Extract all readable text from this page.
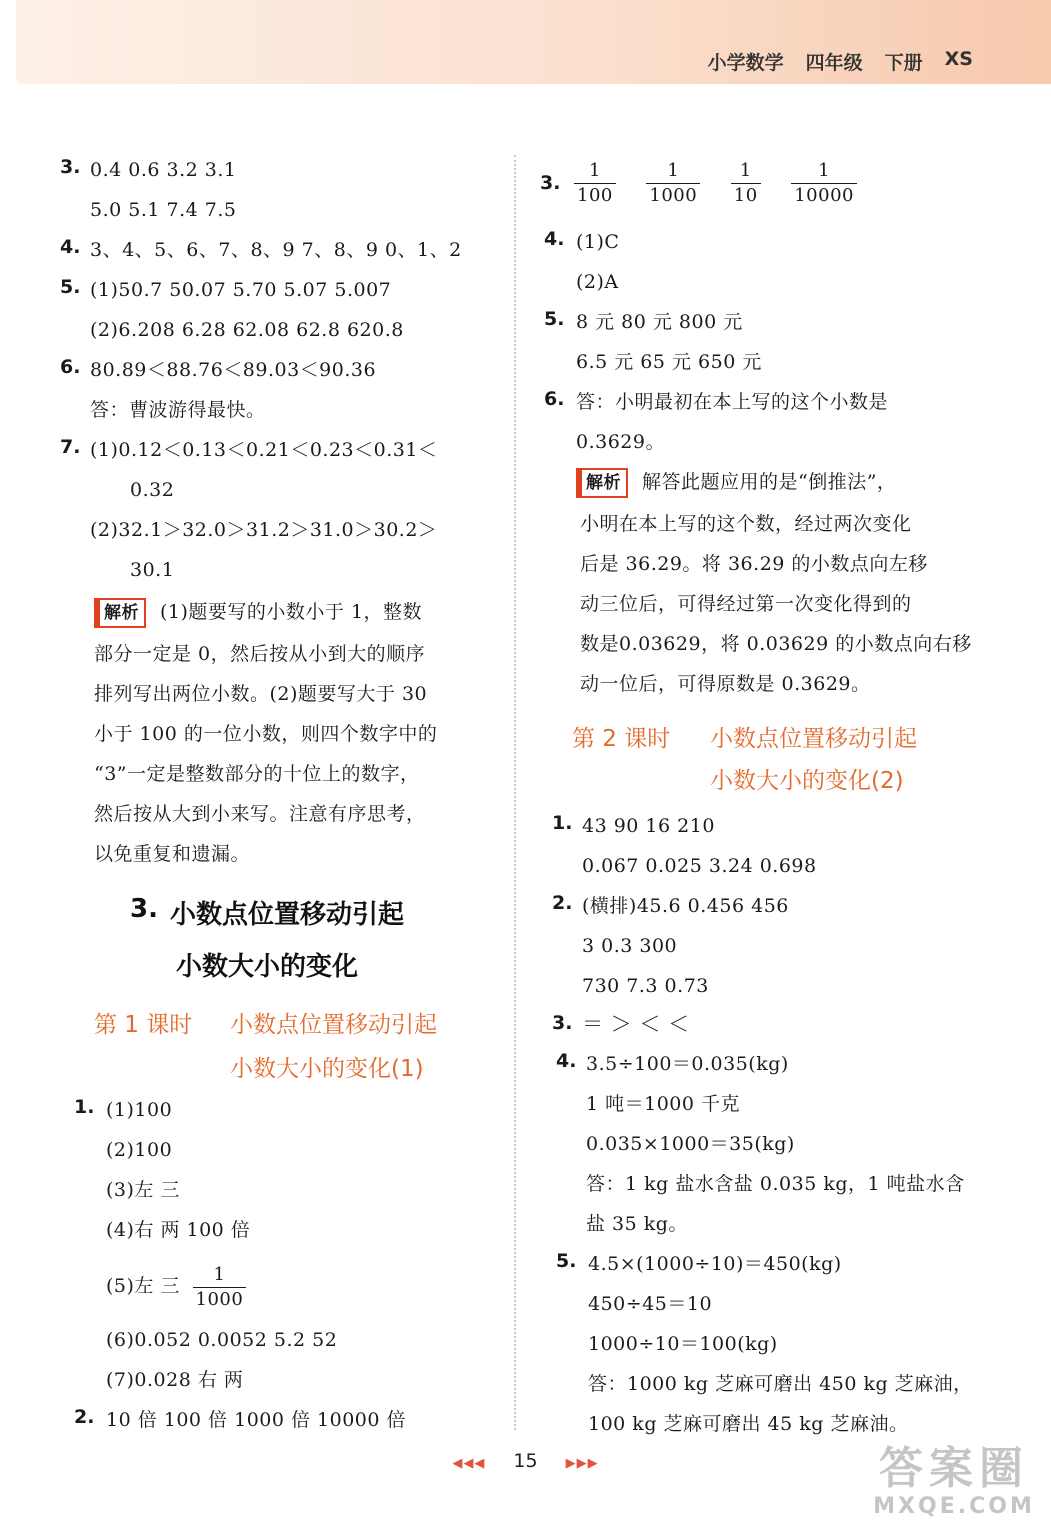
小学数学 四年级 下册 XS
3. 0.4 0.6 3.2 3.1
5.0 5.1 7.4 7.5
4. 3、4、5、6、7、8、9 7、8、9 0、1、2
5. (1)50.7 50.07 5.70 5.07 5.007
(2)6.208 6.28 62.08 62.8 620.8
6. 80.89＜88.76＜89.03＜90.36
答：曹波游得最快。
7. (1)0.12＜0.13＜0.21＜0.23＜0.31＜
0.32
(2)32.1＞32.0＞31.2＞31.0＞30.2＞
30.1
解析 (1)题要写的小数小于 1，整数
部分一定是 0，然后按从小到大的顺序
排列写出两位小数。(2)题要写大于 30
小于 100 的一位小数，则四个数字中的
“3”一定是整数部分的十位上的数字，
然后按从大到小来写。注意有序思考，
以免重复和遗漏。
3. 小数点位置移动引起
小数大小的变化
第 1 课时 小数点位置移动引起
小数大小的变化(1)
1. (1)100
(2)100
(3)左 三
(4)右 两 100 倍
(5)左 三 $\frac{1}{1000}$
(6)0.052 0.0052 5.2 52
(7)0.028 右 两
2. 10 倍 100 倍 1000 倍 10000 倍
3. $\frac{1}{100}$
$\frac{1}{1000}$
$\frac{1}{10}$
$\frac{1}{10000}$
4. (1)C
(2)A
5. 8 元 80 元 800 元
6.5 元 65 元 650 元
6. 答：小明最初在本上写的这个小数是
0.3629。
解析 解答此题应用的是“倒推法”，
小明在本上写的这个数，经过两次变化
后是 36.29。将 36.29 的小数点向左移
动三位后，可得经过第一次变化得到的
数是0.03629，将 0.03629 的小数点向右移
动一位后，可得原数是 0.3629。
第 2 课时 小数点位置移动引起
小数大小的变化(2)
1. 43 90 16 210
0.067 0.025 3.24 0.698
2. (横排)45.6 0.456 456
3 0.3 300
730 7.3 0.73
3. ＝ ＞ ＜ ＜
4. 3.5÷100＝0.035(kg)
1 吨＝1000 千克
0.035×1000＝35(kg)
答：1 kg 盐水含盐 0.035 kg，1 吨盐水含
盐 35 kg。
5. 4.5×(1000÷10)＝450(kg)
450÷45＝10
1000÷10＝100(kg)
答：1000 kg 芝麻可磨出 450 kg 芝麻油，
100 kg 芝麻可磨出 45 kg 芝麻油。
◀◀◀ 15 ▶▶▶	答案圈
MXQE.COM
